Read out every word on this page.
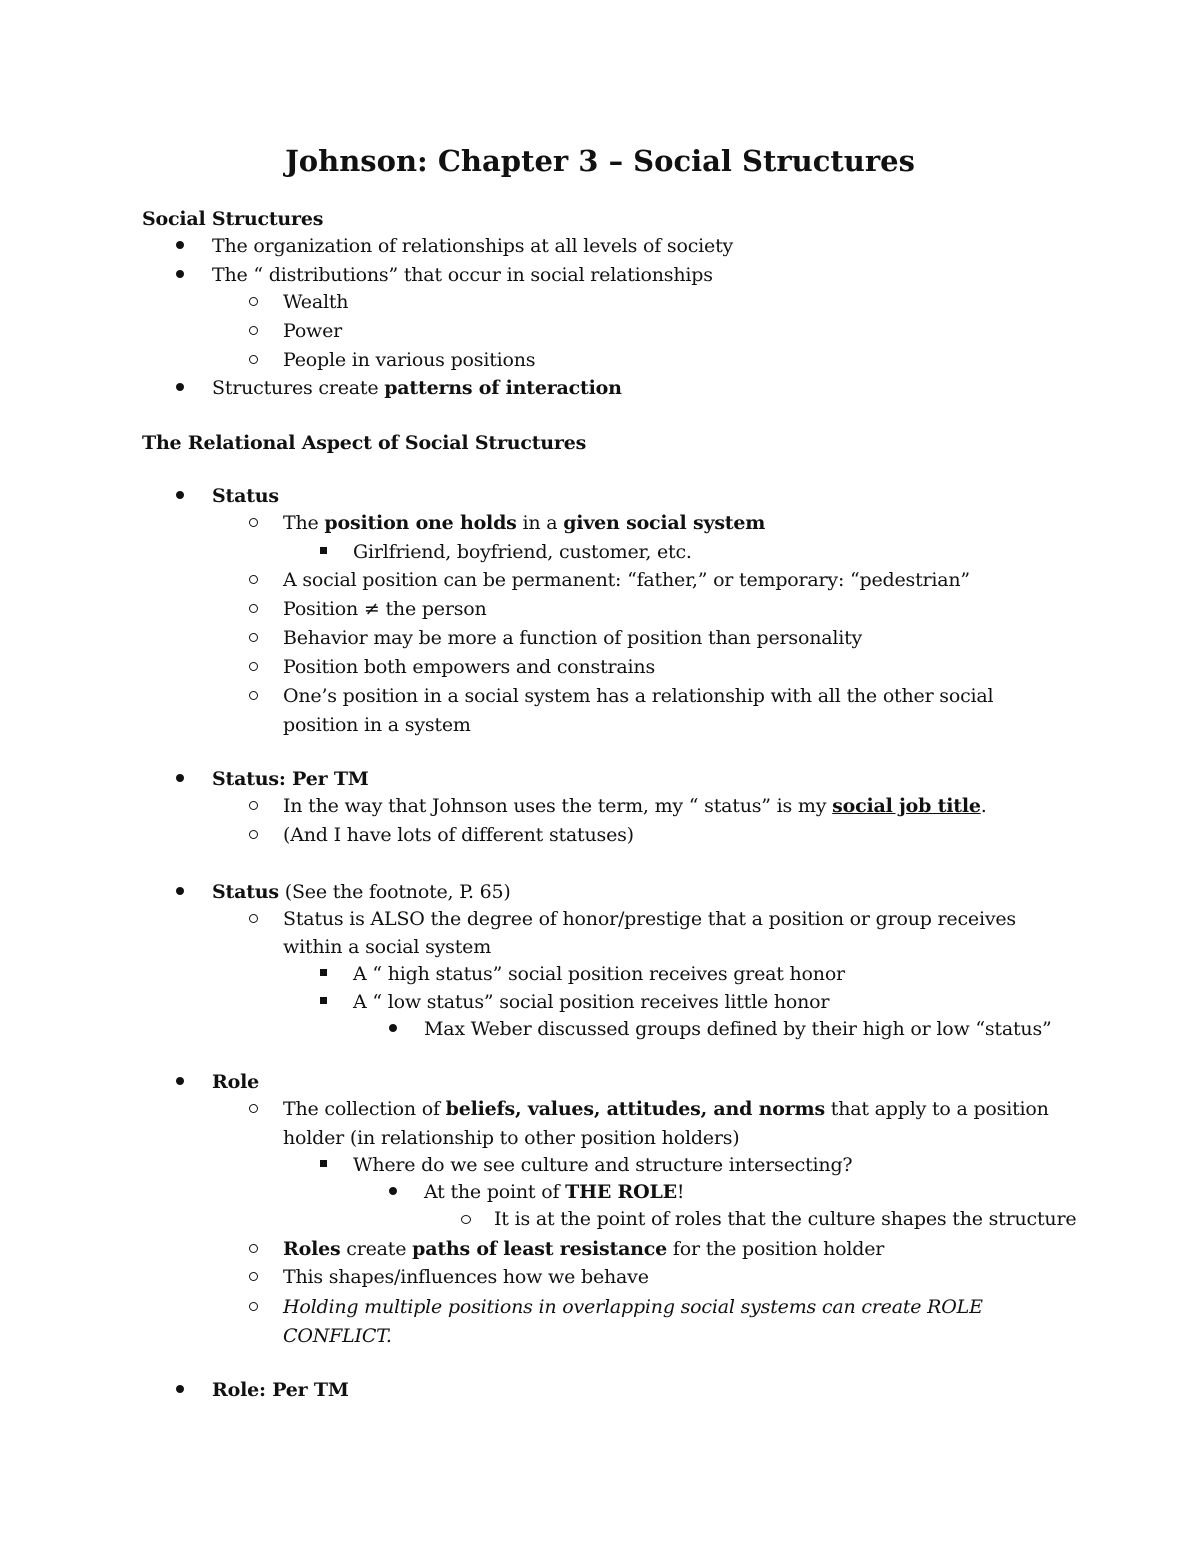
Johnson: Chapter 3 – Social Structures
Social Structures
The organization of relationships at all levels of society
The “ distributions” that occur in social relationships
Wealth
Power
People in various positions
Structures create patterns of interaction
The Relational Aspect of Social Structures
Status
The position one holds in a given social system
Girlfriend, boyfriend, customer, etc.
A social position can be permanent: “father,” or temporary: “pedestrian”
Position ≠ the person
Behavior may be more a function of position than personality
Position both empowers and constrains
One’s position in a social system has a relationship with all the other social
position in a system
Status: Per TM
In the way that Johnson uses the term, my “ status” is my social job title.
(And I have lots of different statuses)
Status (See the footnote, P. 65)
Status is ALSO the degree of honor/prestige that a position or group receives
within a social system
A “ high status” social position receives great honor
A “ low status” social position receives little honor
Max Weber discussed groups defined by their high or low “status”
Role
The collection of beliefs, values, attitudes, and norms that apply to a position
holder (in relationship to other position holders)
Where do we see culture and structure intersecting?
At the point of THE ROLE!
It is at the point of roles that the culture shapes the structure
Roles create paths of least resistance for the position holder
This shapes/influences how we behave
Holding multiple positions in overlapping social systems can create ROLE
CONFLICT.
Role: Per TM
